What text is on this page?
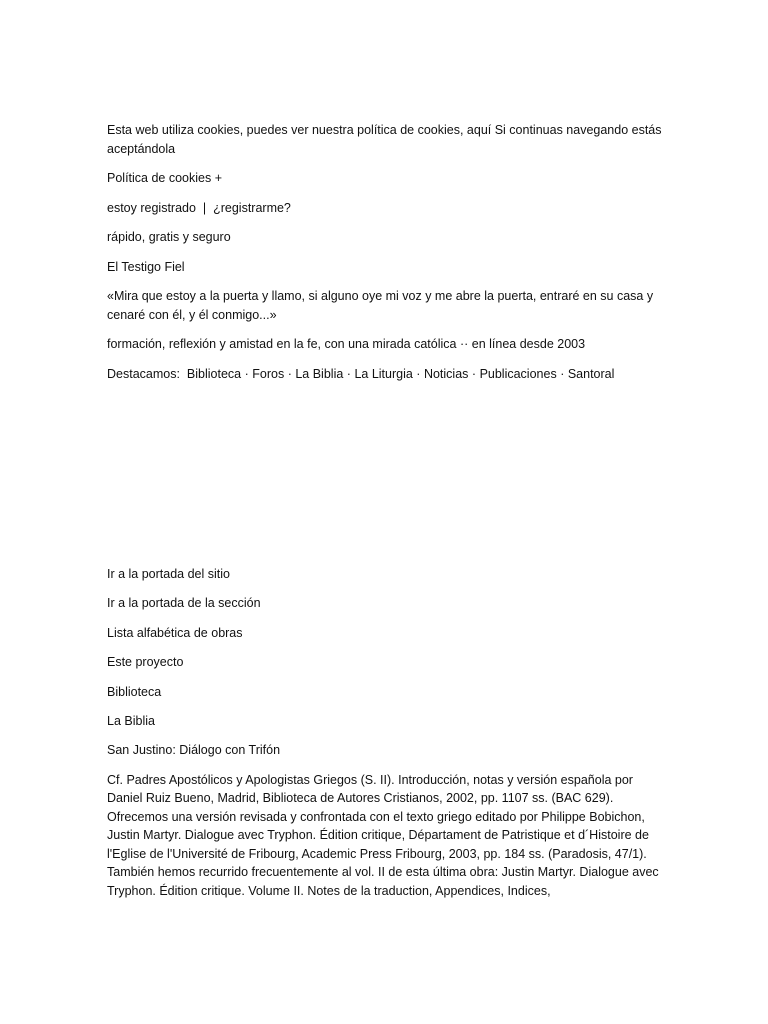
Esta web utiliza cookies, puedes ver nuestra política de cookies, aquí Si continuas navegando estás aceptándola

Política de cookies +

estoy registrado | ¿registrarme?

rápido, gratis y seguro

El Testigo Fiel

«Mira que estoy a la puerta y llamo, si alguno oye mi voz y me abre la puerta, entraré en su casa y cenaré con él, y él conmigo...»

formación, reflexión y amistad en la fe, con una mirada católica ·· en línea desde 2003

Destacamos: Biblioteca · Foros · La Biblia · La Liturgia · Noticias · Publicaciones · Santoral

Ir a la portada del sitio

Ir a la portada de la sección

Lista alfabética de obras

Este proyecto

Biblioteca

La Biblia

San Justino: Diálogo con Trifón

Cf. Padres Apostólicos y Apologistas Griegos (S. II). Introducción, notas y versión española por Daniel Ruiz Bueno, Madrid, Biblioteca de Autores Cristianos, 2002, pp. 1107 ss. (BAC 629). Ofrecemos una versión revisada y confrontada con el texto griego editado por Philippe Bobichon, Justin Martyr. Dialogue avec Tryphon. Édition critique, Départament de Patristique et d´Histoire de l'Eglise de l'Université de Fribourg, Academic Press Fribourg, 2003, pp. 184 ss. (Paradosis, 47/1). También hemos recurrido frecuentemente al vol. II de esta última obra: Justin Martyr. Dialogue avec Tryphon. Édition critique. Volume II. Notes de la traduction, Appendices, Indices,
